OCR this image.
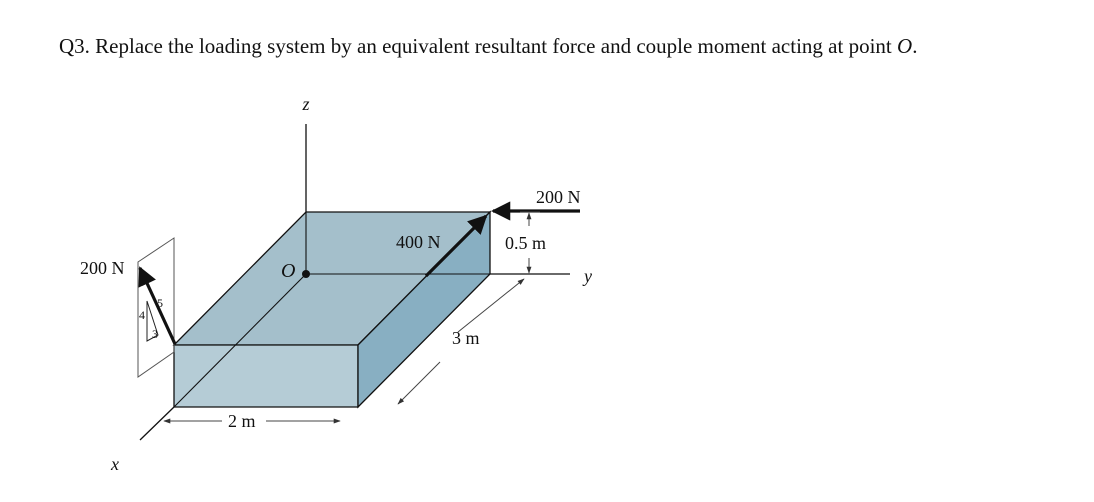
Q3. Replace the loading system by an equivalent resultant force and couple moment acting at point O.

z
y
x
O
200 N
200 N
400 N
4
3
5
0.5 m
3 m
2 m
